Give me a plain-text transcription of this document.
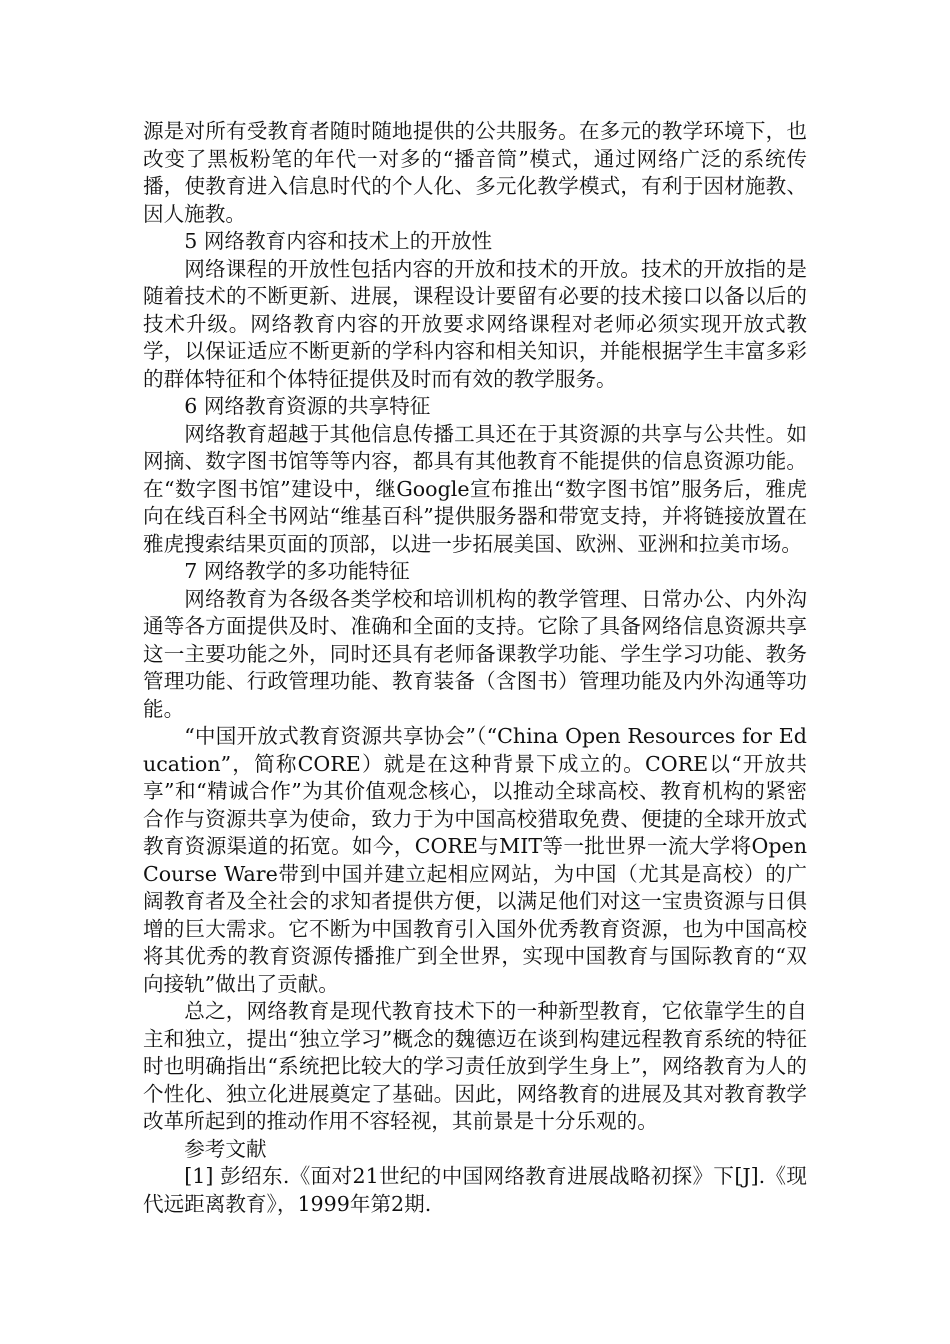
源是对所有受教育者随时随地提供的公共服务。在多元的教学环境下，也改变了黑板粉笔的年代一对多的“播音筒”模式，通过网络广泛的系统传播，使教育进入信息时代的个人化、多元化教学模式，有利于因材施教、因人施教。

5 网络教育内容和技术上的开放性

网络课程的开放性包括内容的开放和技术的开放。技术的开放指的是随着技术的不断更新、进展，课程设计要留有必要的技术接口以备以后的技术升级。网络教育内容的开放要求网络课程对老师必须实现开放式教学，以保证适应不断更新的学科内容和相关知识，并能根据学生丰富多彩的群体特征和个体特征提供及时而有效的教学服务。

6 网络教育资源的共享特征

网络教育超越于其他信息传播工具还在于其资源的共享与公共性。如网摘、数字图书馆等等内容，都具有其他教育不能提供的信息资源功能。在“数字图书馆”建设中，继Google宣布推出“数字图书馆”服务后，雅虎向在线百科全书网站“维基百科”提供服务器和带宽支持，并将链接放置在雅虎搜索结果页面的顶部，以进一步拓展美国、欧洲、亚洲和拉美市场。

7 网络教学的多功能特征

网络教育为各级各类学校和培训机构的教学管理、日常办公、内外沟通等各方面提供及时、准确和全面的支持。它除了具备网络信息资源共享这一主要功能之外，同时还具有老师备课教学功能、学生学习功能、教务管理功能、行政管理功能、教育装备（含图书）管理功能及内外沟通等功能。

“中国开放式教育资源共享协会”（“China Open Resources for Education”，简称CORE）就是在这种背景下成立的。CORE以“开放共享”和“精诚合作”为其价值观念核心，以推动全球高校、教育机构的紧密合作与资源共享为使命，致力于为中国高校猎取免费、便捷的全球开放式教育资源渠道的拓宽。如今，CORE与MIT等一批世界一流大学将Open Course Ware带到中国并建立起相应网站，为中国（尤其是高校）的广阔教育者及全社会的求知者提供方便，以满足他们对这一宝贵资源与日俱增的巨大需求。它不断为中国教育引入国外优秀教育资源，也为中国高校将其优秀的教育资源传播推广到全世界，实现中国教育与国际教育的“双向接轨”做出了贡献。

总之，网络教育是现代教育技术下的一种新型教育，它依靠学生的自主和独立，提出“独立学习”概念的魏德迈在谈到构建远程教育系统的特征时也明确指出“系统把比较大的学习责任放到学生身上”，网络教育为人的个性化、独立化进展奠定了基础。因此，网络教育的进展及其对教育教学改革所起到的推动作用不容轻视，其前景是十分乐观的。

参考文献

[1] 彭绍东.《面对21世纪的中国网络教育进展战略初探》下[J].《现代远距离教育》，1999年第2期.
